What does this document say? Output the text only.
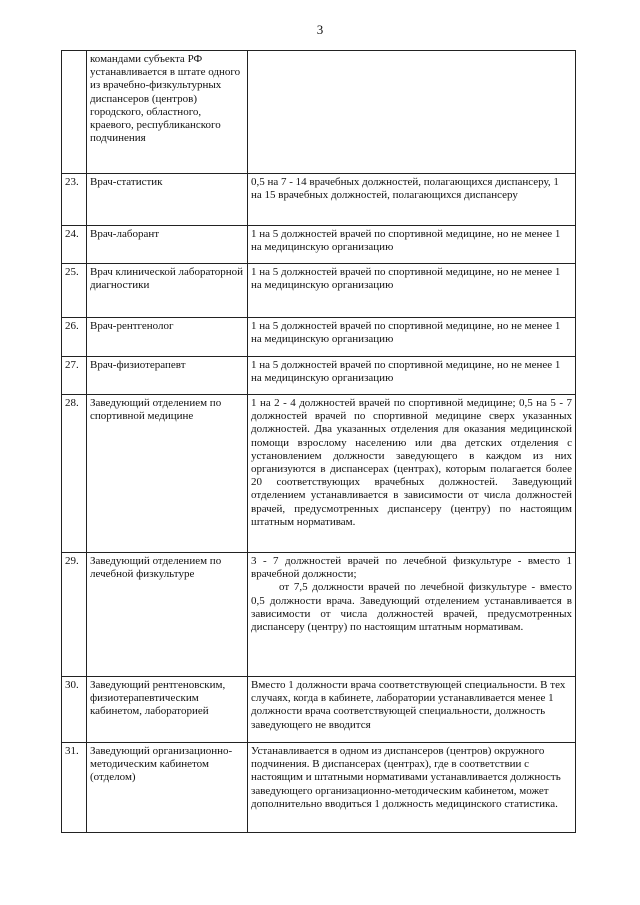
3
	командами субъекта РФ устанавливается в штате одного из врачебно-физкультурных диспансеров (центров) городского, областного, краевого, республиканского подчинения	
23.	Врач-статистик	0,5 на 7 - 14 врачебных должностей, полагающихся диспансеру, 1 на 15 врачебных должностей, полагающихся диспансеру
24.	Врач-лаборант	1 на 5 должностей врачей по спортивной медицине, но не менее 1 на медицинскую организацию
25.	Врач клинической лабораторной диагностики	1 на 5 должностей врачей по спортивной медицине, но не менее 1 на медицинскую организацию
26.	Врач-рентгенолог	1 на 5 должностей врачей по спортивной медицине, но не менее 1 на медицинскую организацию
27.	Врач-физиотерапевт	1 на 5 должностей врачей по спортивной медицине, но не менее 1 на медицинскую организацию
28.	Заведующий отделением по спортивной медицине	1 на 2 - 4 должностей врачей по спортивной медицине; 0,5 на 5 - 7 должностей врачей по спортивной медицине сверх указанных должностей. Два указанных отделения для оказания медицинской помощи взрослому населению или два детских отделения с установлением должности заведующего в каждом из них организуются в диспансерах (центрах), которым полагается более 20 соответствующих врачебных должностей. Заведующий отделением устанавливается в зависимости от числа должностей врачей, предусмотренных диспансеру (центру) по настоящим штатным нормативам.
29.	Заведующий отделением по лечебной физкультуре	3 - 7 должностей врачей по лечебной физкультуре - вместо 1 врачебной должности;
от 7,5 должности врачей по лечебной физкультуре - вместо 0,5 должности врача. Заведующий отделением устанавливается в зависимости от числа должностей врачей, предусмотренных диспансеру (центру) по настоящим штатным нормативам.

30.	Заведующий рентгеновским, физиотерапевтическим кабинетом, лабораторией	Вместо 1 должности врача соответствующей специальности. В тех случаях, когда в кабинете, лаборатории устанавливается менее 1 должности врача соответствующей специальности, должность заведующего не вводится
31.	Заведующий организационно-методическим кабинетом (отделом)	Устанавливается в одном из диспансеров (центров) окружного подчинения. В диспансерах (центрах), где в соответствии с настоящим и штатными нормативами устанавливается должность заведующего организационно-методическим кабинетом, может дополнительно вводиться 1 должность медицинского статистика.
